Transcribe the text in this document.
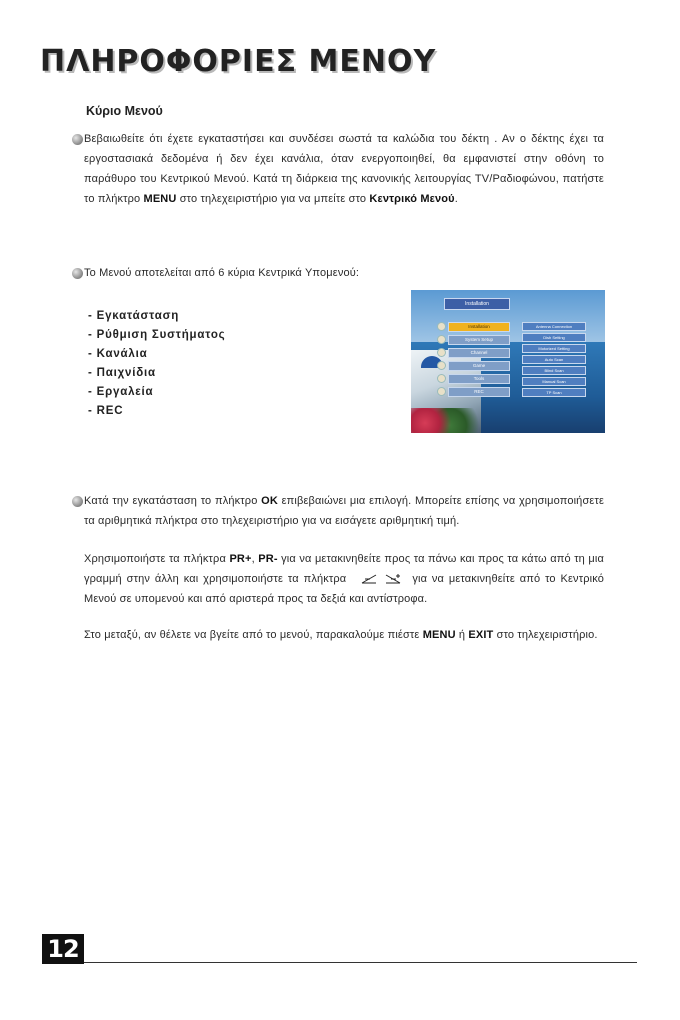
ΠΛΗΡΟΦΟΡΙΕΣ ΜΕΝΟΥ
Κύριο Μενού
Βεβαιωθείτε ότι έχετε εγκαταστήσει και συνδέσει σωστά τα καλώδια του δέκτη . Αν ο δέκτης έχει τα εργοστασιακά δεδομένα ή δεν έχει κανάλια, όταν ενεργοποιηθεί, θα εμφανιστεί στην οθόνη το παράθυρο του Κεντρικού Μενού. Κατά τη διάρκεια της κανονικής λειτουργίας TV/Ραδιοφώνου, πατήστε το πλήκτρο MENU στο τηλεχειριστήριο για να μπείτε στο Κεντρικό Μενού.
Το Μενού αποτελείται από 6 κύρια Κεντρικά Υπομενού:
- Εγκατάσταση
- Ρύθμιση Συστήματος
- Κανάλια
- Παιχνίδια
- Εργαλεία
- REC
Installation
Installation
System Setup
Channel
Game
Tools
REC
Antenna Connection
Dish Setting
Motorized Setting
Auto Scan
Blind Scan
Manual Scan
TP Scan
Κατά την εγκατάσταση το πλήκτρο OK επιβεβαιώνει μια επιλογή. Μπορείτε επίσης να χρησιμοποιήσετε τα αριθμητικά πλήκτρα στο τηλεχειριστήριο για να εισάγετε αριθμητική τιμή.
Χρησιμοποιήστε τα πλήκτρα PR+, PR- για να μετακινηθείτε προς τα πάνω και προς τα κάτω από τη μια γραμμή στην άλλη και χρησιμοποιήστε τα πλήκτρα	για να μετακινηθείτε από το Κεντρικό Μενού σε υπομενού και από αριστερά προς τα δεξιά και αντίστροφα.
Στο μεταξύ, αν θέλετε να βγείτε από το μενού, παρακαλούμε πιέστε MENU ή EXIT στο τηλεχειριστήριο.
12
